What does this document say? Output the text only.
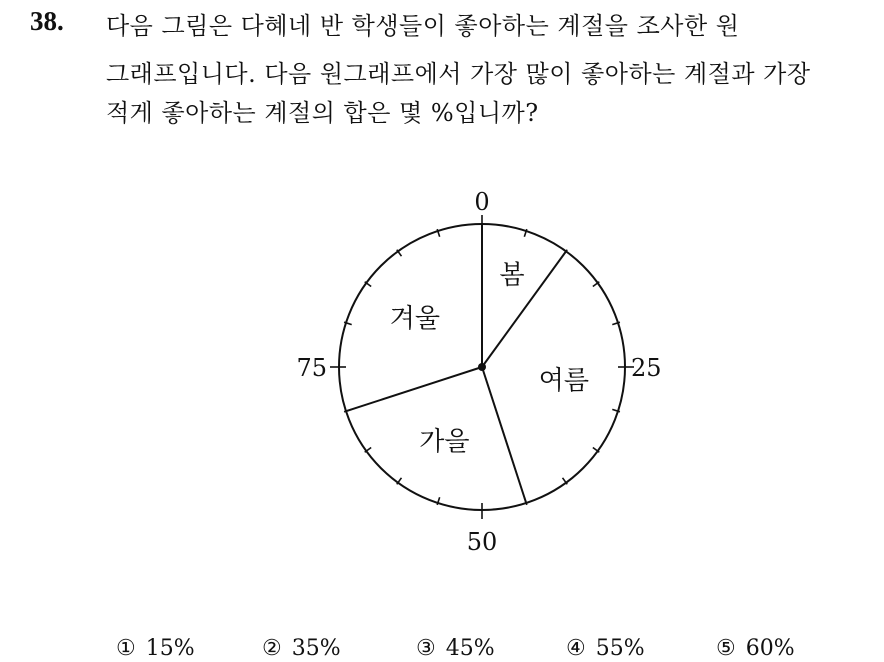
38. 다음 그림은 다혜네 반 학생들이 좋아하는 계절을 조사한 원
그래프입니다. 다음 원그래프에서 가장 많이 좋아하는 계절과 가장
적게 좋아하는 계절의 합은 몇 %입니까?
봄
여름
가을
겨울
0
25
50
75
① 15%	② 35%	③ 45%	④ 55%	⑤ 60%
